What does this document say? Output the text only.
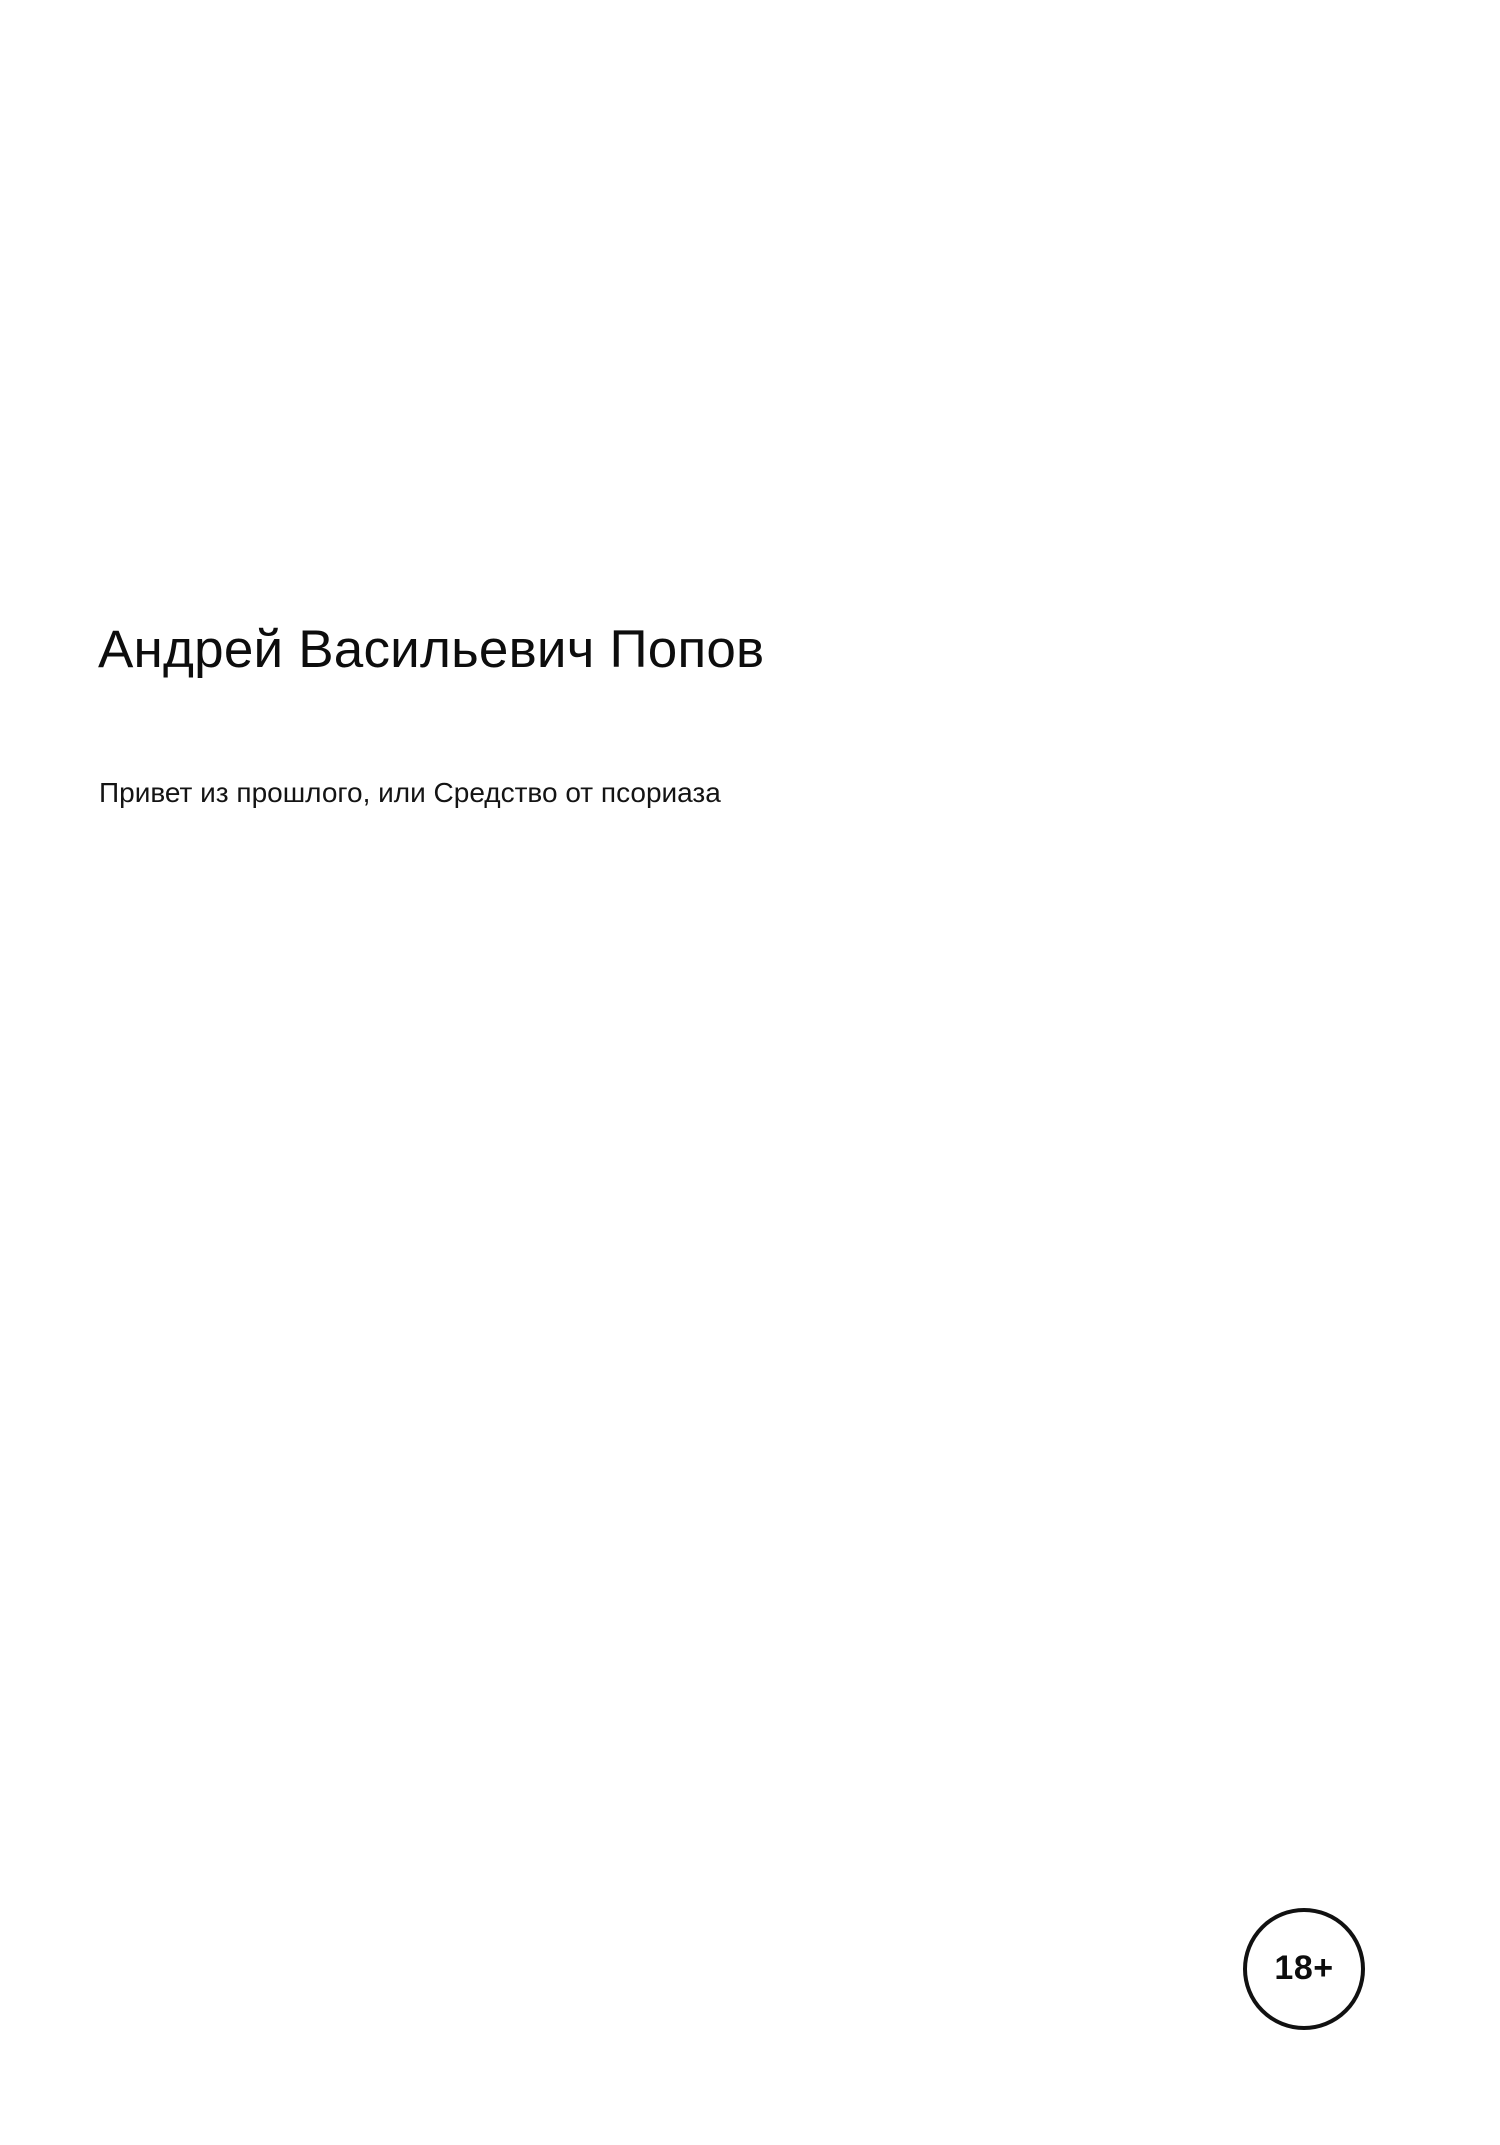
Андрей Васильевич Попов
Привет из прошлого, или Средство от псориаза
18+
